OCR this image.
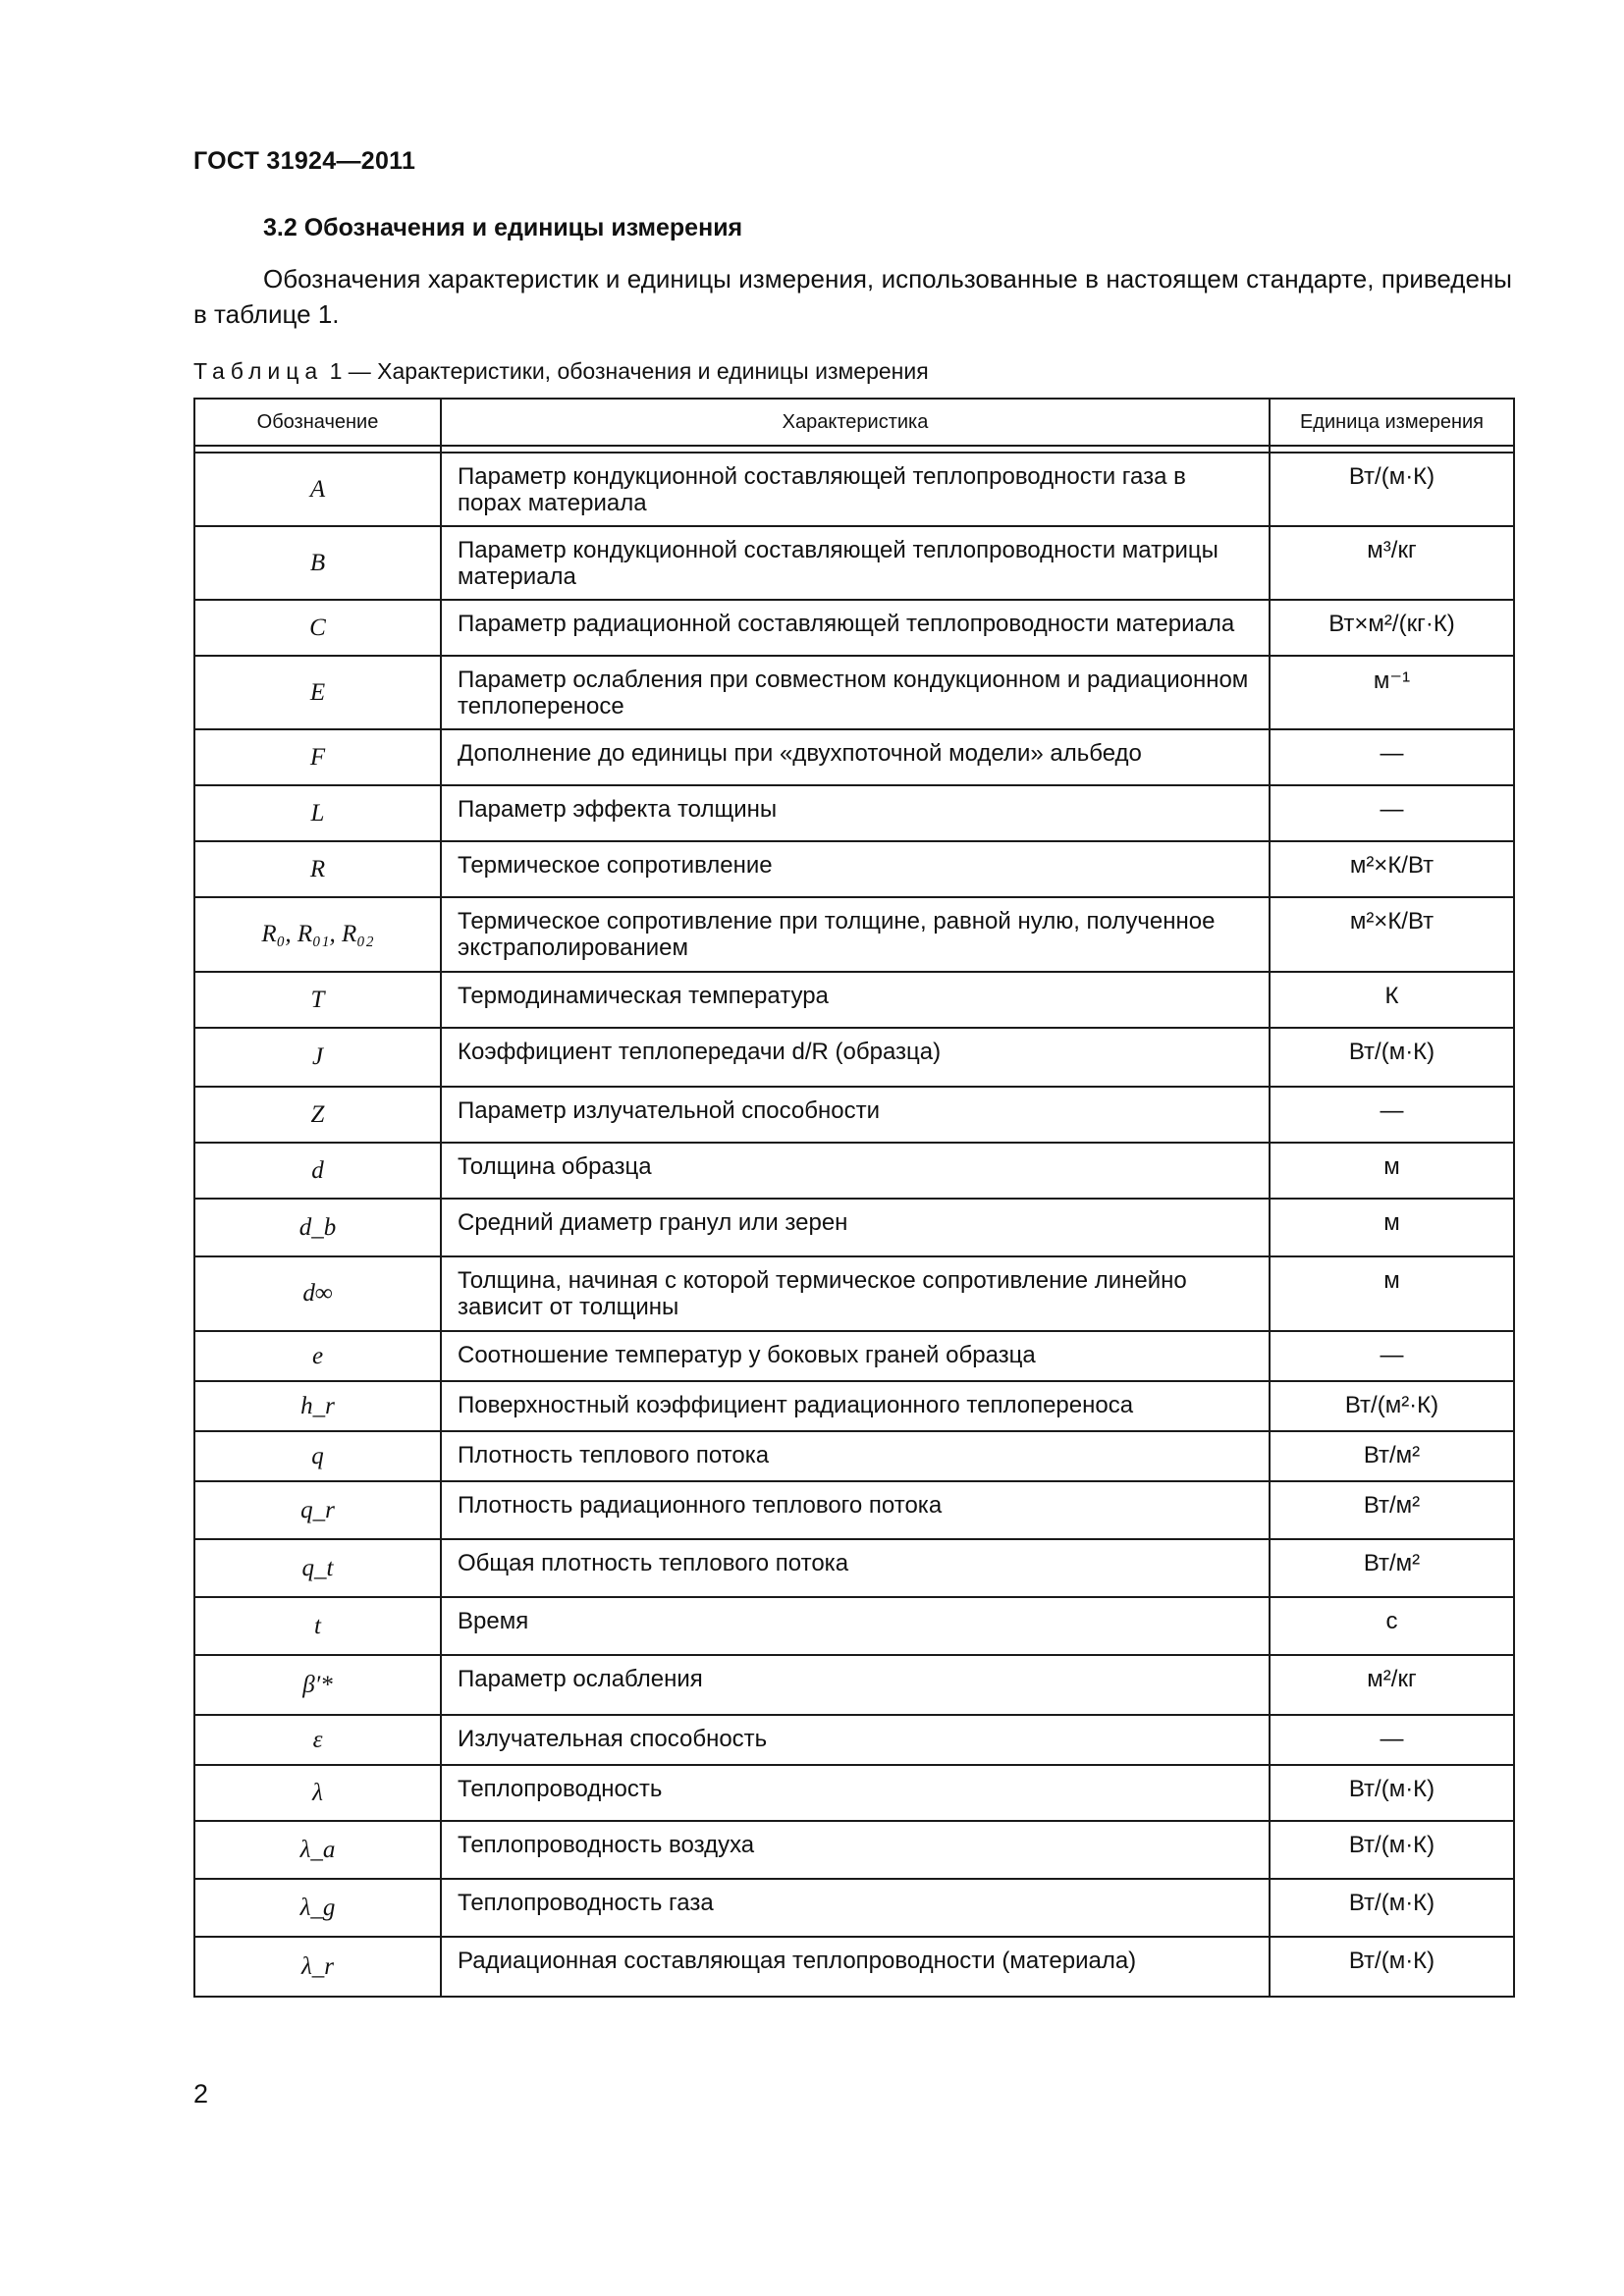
ГОСТ 31924—2011
3.2 Обозначения и единицы измерения
Обозначения характеристик и единицы измерения, использованные в настоящем стандарте, приведены в таблице 1.
Таблица 1 — Характеристики, обозначения и единицы измерения
Обозначение	Характеристика	Единица измерения

A	Параметр кондукционной составляющей теплопроводности газа в порах материала	Вт/(м·К)
B	Параметр кондукционной составляющей теплопроводности матрицы материала	м³/кг
C	Параметр радиационной составляющей теплопроводности материала	Вт×м²/(кг·К)
E	Параметр ослабления при совместном кондукционном и радиационном теплопереносе	м⁻¹
F	Дополнение до единицы при «двухпоточной модели» альбедо	—
L	Параметр эффекта толщины	—
R	Термическое сопротивление	м²×К/Вт
R₀, R₀₁, R₀₂	Термическое сопротивление при толщине, равной нулю, полученное экстраполированием	м²×К/Вт
T	Термодинамическая температура	К
J	Коэффициент теплопередачи d/R (образца)	Вт/(м·К)
Z	Параметр излучательной способности	—
d	Толщина образца	м
d_b	Средний диаметр гранул или зерен	м
d∞	Толщина, начиная с которой термическое сопротивление линейно зависит от толщины	м
e	Соотношение температур у боковых граней образца	—
h_r	Поверхностный коэффициент радиационного теплопереноса	Вт/(м²·К)
q	Плотность теплового потока	Вт/м²
q_r	Плотность радиационного теплового потока	Вт/м²
q_t	Общая плотность теплового потока	Вт/м²
t	Время	с
β′*	Параметр ослабления	м²/кг
ε	Излучательная способность	—
λ	Теплопроводность	Вт/(м·К)
λ_a	Теплопроводность воздуха	Вт/(м·К)
λ_g	Теплопроводность газа	Вт/(м·К)
λ_r	Радиационная составляющая теплопроводности (материала)	Вт/(м·К)
2
